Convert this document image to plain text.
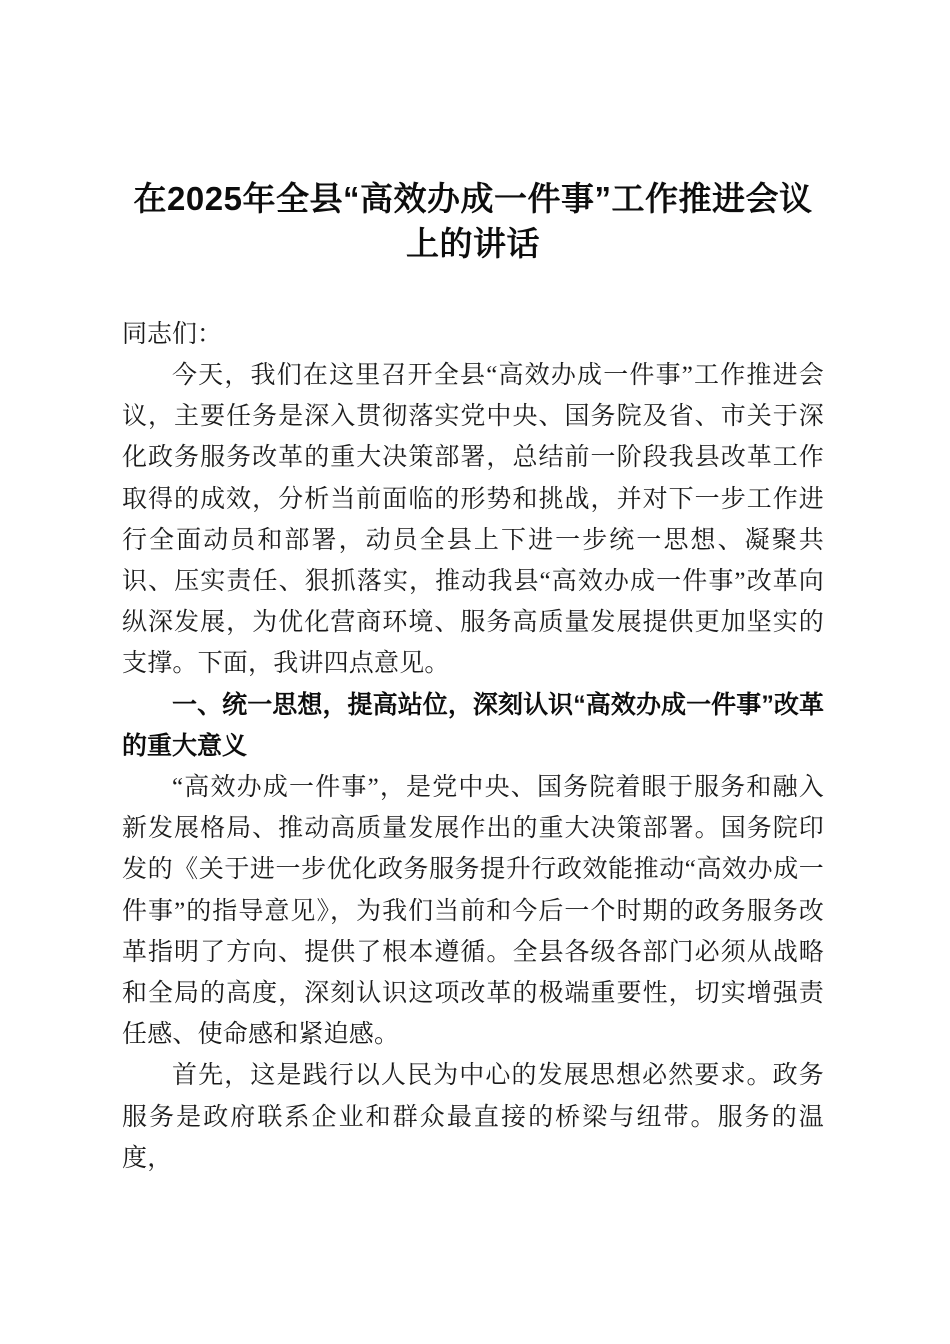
在2025年全县“高效办成一件事”工作推进会议上的讲话

同志们：

今天，我们在这里召开全县“高效办成一件事”工作推进会议，主要任务是深入贯彻落实党中央、国务院及省、市关于深化政务服务改革的重大决策部署，总结前一阶段我县改革工作取得的成效，分析当前面临的形势和挑战，并对下一步工作进行全面动员和部署，动员全县上下进一步统一思想、凝聚共识、压实责任、狠抓落实，推动我县“高效办成一件事”改革向纵深发展，为优化营商环境、服务高质量发展提供更加坚实的支撑。下面，我讲四点意见。

一、统一思想，提高站位，深刻认识“高效办成一件事”改革的重大意义

“高效办成一件事”，是党中央、国务院着眼于服务和融入新发展格局、推动高质量发展作出的重大决策部署。国务院印发的《关于进一步优化政务服务提升行政效能推动“高效办成一件事”的指导意见》，为我们当前和今后一个时期的政务服务改革指明了方向、提供了根本遵循。全县各级各部门必须从战略和全局的高度，深刻认识这项改革的极端重要性，切实增强责任感、使命感和紧迫感。

首先，这是践行以人民为中心的发展思想必然要求。政务服务是政府联系企业和群众最直接的桥梁与纽带。服务的温度，
